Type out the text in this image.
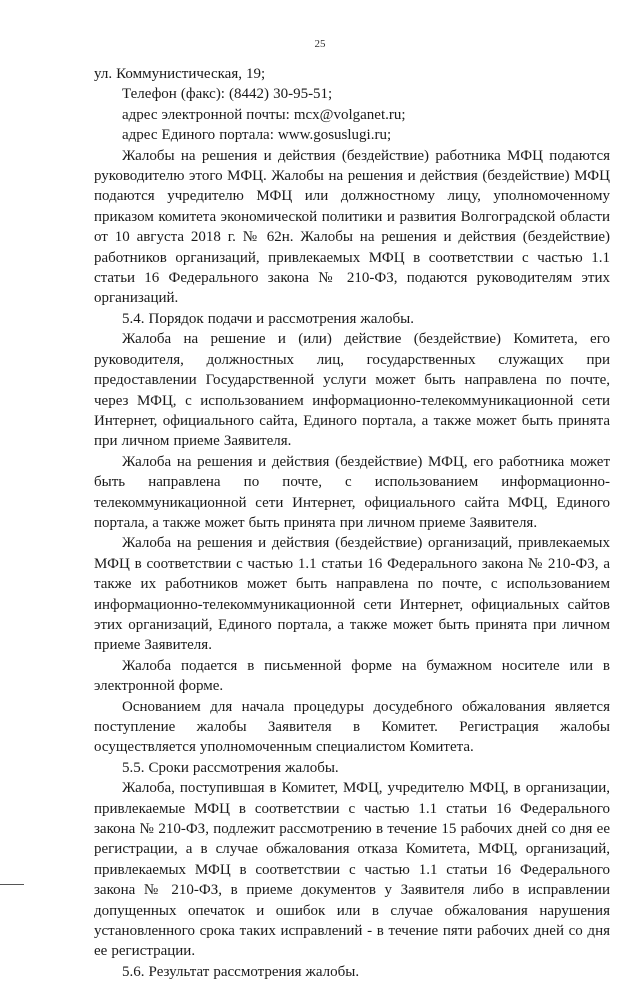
25

ул. Коммунистическая, 19;

Телефон (факс): (8442) 30-95-51;

адрес электронной почты: mcx@volganet.ru;

адрес Единого портала: www.gosuslugi.ru;

Жалобы на решения и действия (бездействие) работника МФЦ подаются руководителю этого МФЦ. Жалобы на решения и действия (бездействие) МФЦ подаются учредителю МФЦ или должностному лицу, уполномоченному приказом комитета экономической политики и развития Волгоградской области от 10 августа 2018 г. № 62н. Жалобы на решения и действия (бездействие) работников организаций, привлекаемых МФЦ в соответствии с частью 1.1 статьи 16 Федерального закона № 210-ФЗ, подаются руководителям этих организаций.

5.4. Порядок подачи и рассмотрения жалобы.

Жалоба на решение и (или) действие (бездействие) Комитета, его руководителя, должностных лиц, государственных служащих при предоставлении Государственной услуги может быть направлена по почте, через МФЦ, с использованием информационно-телекоммуникационной сети Интернет, официального сайта, Единого портала, а также может быть принята при личном приеме Заявителя.

Жалоба на решения и действия (бездействие) МФЦ, его работника может быть направлена по почте, с использованием информационно-телекоммуникационной сети Интернет, официального сайта МФЦ, Единого портала, а также может быть принята при личном приеме Заявителя.

Жалоба на решения и действия (бездействие) организаций, привлекаемых МФЦ в соответствии с частью 1.1 статьи 16 Федерального закона № 210-ФЗ, а также их работников может быть направлена по почте, с использованием информационно-телекоммуникационной сети Интернет, официальных сайтов этих организаций, Единого портала, а также может быть принята при личном приеме Заявителя.

Жалоба подается в письменной форме на бумажном носителе или в электронной форме.

Основанием для начала процедуры досудебного обжалования является поступление жалобы Заявителя в Комитет. Регистрация жалобы осуществляется уполномоченным специалистом Комитета.

5.5. Сроки рассмотрения жалобы.

Жалоба, поступившая в Комитет, МФЦ, учредителю МФЦ, в организации, привлекаемые МФЦ в соответствии с частью 1.1 статьи 16 Федерального закона № 210-ФЗ, подлежит рассмотрению в течение 15 рабочих дней со дня ее регистрации, а в случае обжалования отказа Комитета, МФЦ, организаций, привлекаемых МФЦ в соответствии с частью 1.1 статьи 16 Федерального закона № 210-ФЗ, в приеме документов у Заявителя либо в исправлении допущенных опечаток и ошибок или в случае обжалования нарушения установленного срока таких исправлений - в течение пяти рабочих дней со дня ее регистрации.

5.6. Результат рассмотрения жалобы.
